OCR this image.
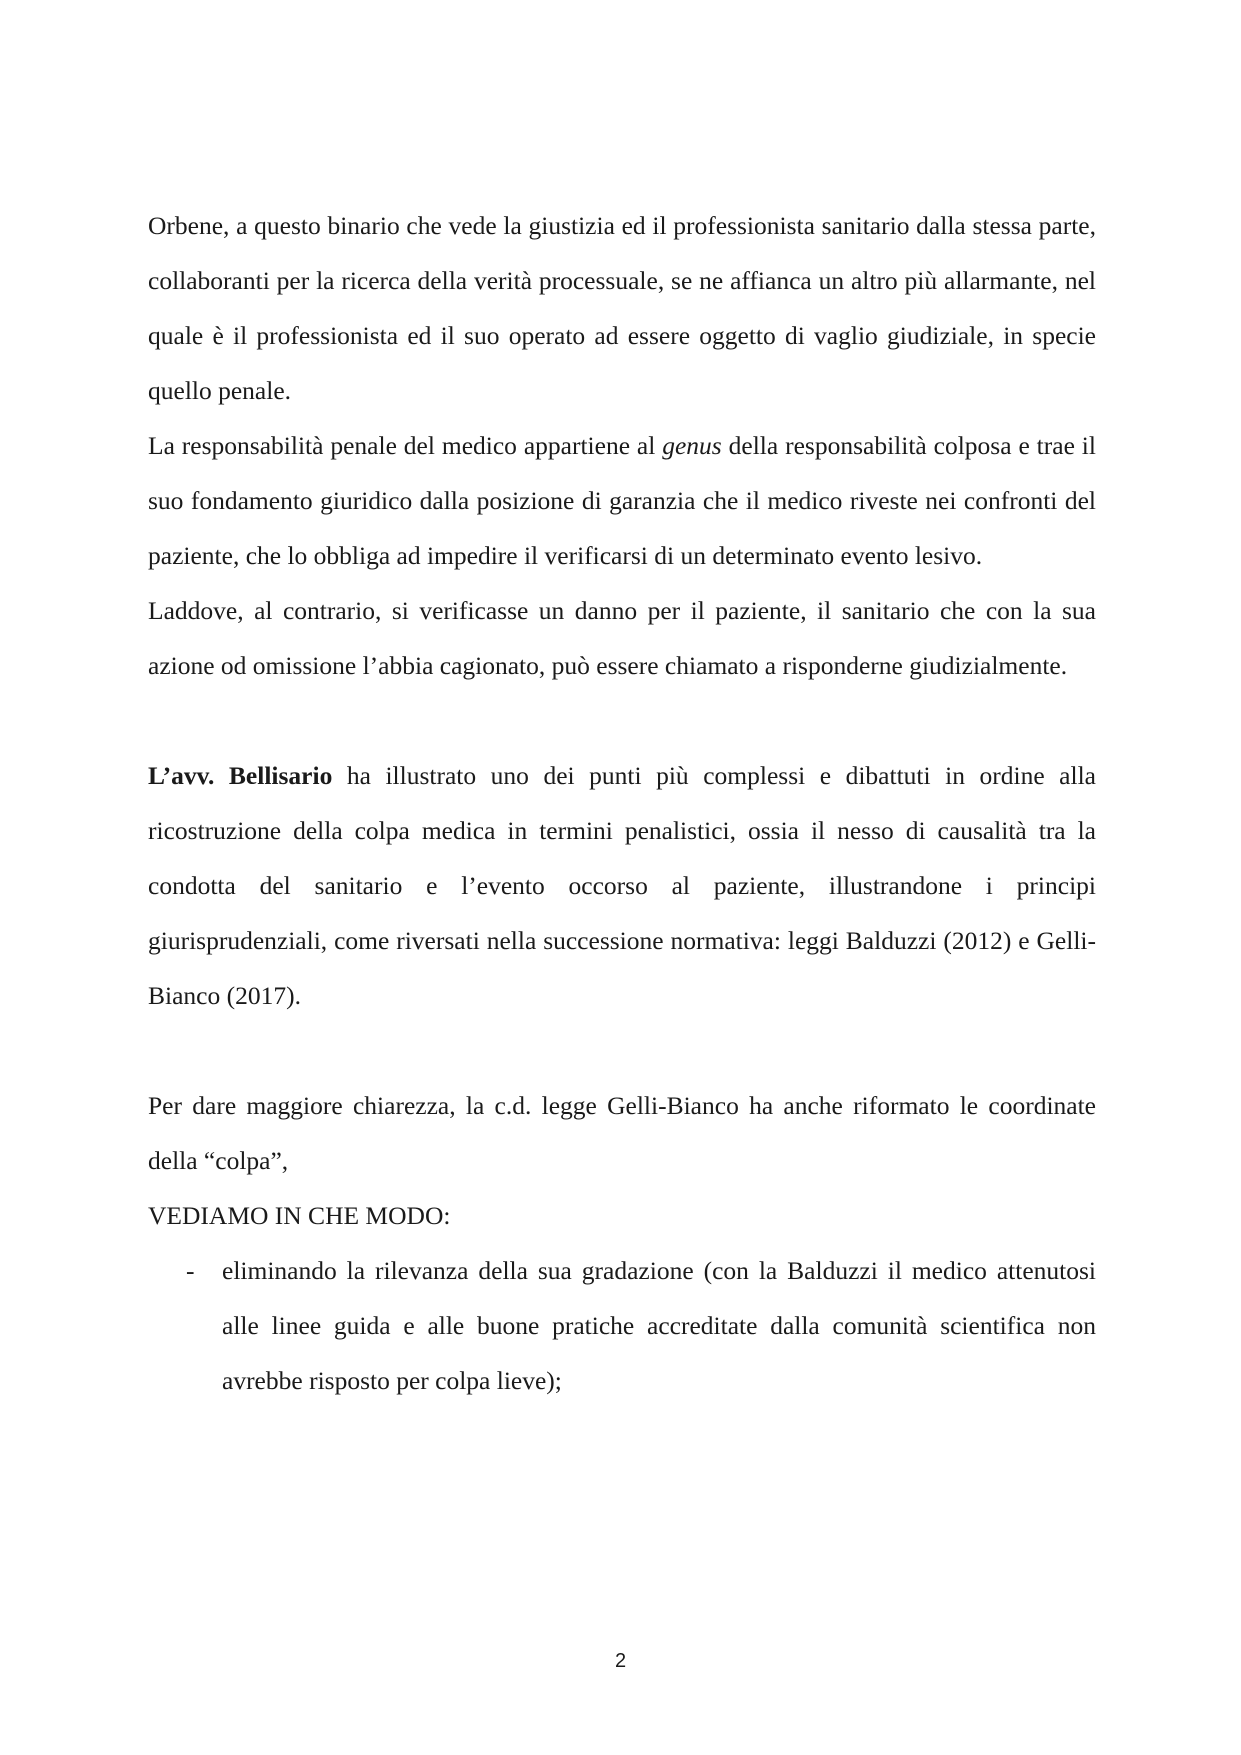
Orbene, a questo binario che vede la giustizia ed il professionista sanitario dalla stessa parte, collaboranti per la ricerca della verità processuale, se ne affianca un altro più allarmante, nel quale è il professionista ed il suo operato ad essere oggetto di vaglio giudiziale, in specie quello penale.

La responsabilità penale del medico appartiene al genus della responsabilità colposa e trae il suo fondamento giuridico dalla posizione di garanzia che il medico riveste nei confronti del paziente, che lo obbliga ad impedire il verificarsi di un determinato evento lesivo.

Laddove, al contrario, si verificasse un danno per il paziente, il sanitario che con la sua azione od omissione l’abbia cagionato, può essere chiamato a risponderne giudizialmente.

L’avv. Bellisario ha illustrato uno dei punti più complessi e dibattuti in ordine alla ricostruzione della colpa medica in termini penalistici, ossia il nesso di causalità tra la condotta del sanitario e l’evento occorso al paziente, illustrandone i principi giurisprudenziali, come riversati nella successione normativa: leggi Balduzzi (2012) e Gelli-Bianco (2017).

Per dare maggiore chiarezza, la c.d. legge Gelli-Bianco ha anche riformato le coordinate della “colpa”,

VEDIAMO IN CHE MODO:

- eliminando la rilevanza della sua gradazione (con la Balduzzi il medico attenutosi alle linee guida e alle buone pratiche accreditate dalla comunità scientifica non avrebbe risposto per colpa lieve);
2
